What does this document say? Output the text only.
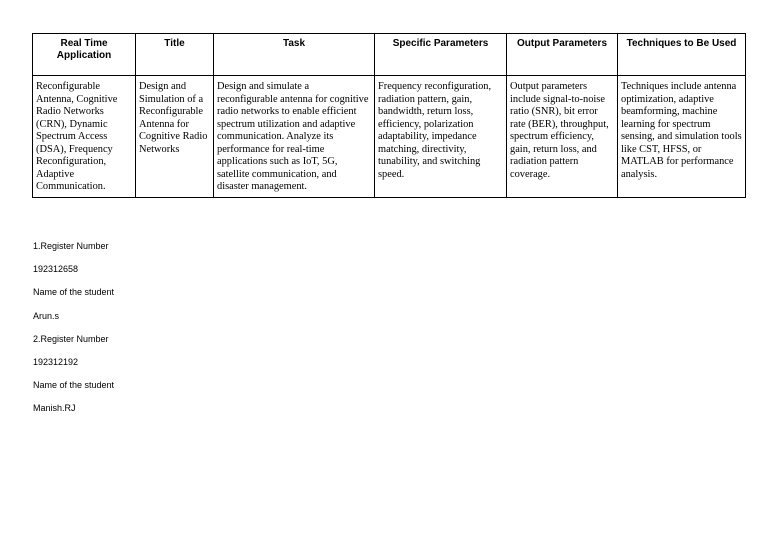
Real Time Application	Title	Task	Specific Parameters	Output Parameters	Techniques to Be Used
Reconfigurable Antenna, Cognitive Radio Networks (CRN), Dynamic Spectrum Access (DSA), Frequency Reconfiguration, Adaptive Communication.	Design and Simulation of a Reconfigurable Antenna for Cognitive Radio Networks	Design and simulate a reconfigurable antenna for cognitive radio networks to enable efficient spectrum utilization and adaptive communication. Analyze its performance for real-time applications such as IoT, 5G, satellite communication, and disaster management.	Frequency reconfiguration, radiation pattern, gain, bandwidth, return loss, efficiency, polarization adaptability, impedance matching, directivity, tunability, and switching speed.	Output parameters include signal-to-noise ratio (SNR), bit error rate (BER), throughput, spectrum efficiency, gain, return loss, and radiation pattern coverage.	Techniques include antenna optimization, adaptive beamforming, machine learning for spectrum sensing, and simulation tools like CST, HFSS, or MATLAB for performance analysis.
1.Register Number
192312658
Name of the student
Arun.s
2.Register Number
192312192
Name of the student
Manish.RJ
